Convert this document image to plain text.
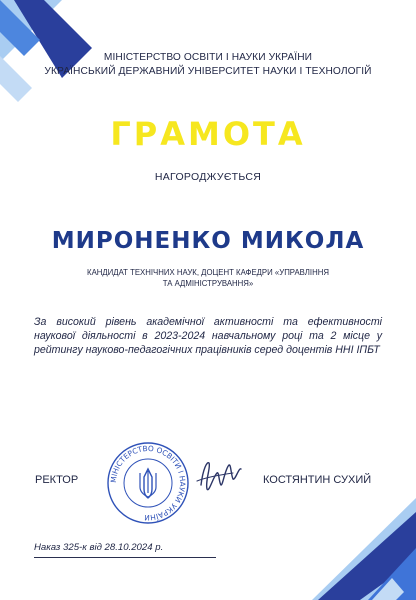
МІНІСТЕРСТВО ОСВІТИ І НАУКИ УКРАЇНИ
УКРАЇНСЬКИЙ ДЕРЖАВНИЙ УНІВЕРСИТЕТ НАУКИ І ТЕХНОЛОГІЙ
ГРАМОТА
НАГОРОДЖУЄТЬСЯ
МИРОНЕНКО МИКОЛА
КАНДИДАТ ТЕХНІЧНИХ НАУК, ДОЦЕНТ КАФЕДРИ «УПРАВЛІННЯ
ТА АДМІНІСТРУВАННЯ»
За високий рівень академічної активності та ефективності наукової діяльності в 2023-2024 навчальному році та 2 місце у рейтингу науково-педагогічних працівників серед доцентів ННІ ІПБТ
РЕКТОР	МІНІСТЕРСТВО ОСВІТИ І НАУКИ УКРАЇНИ
КОСТЯНТИН СУХИЙ
Наказ 325-к від 28.10.2024 р.
